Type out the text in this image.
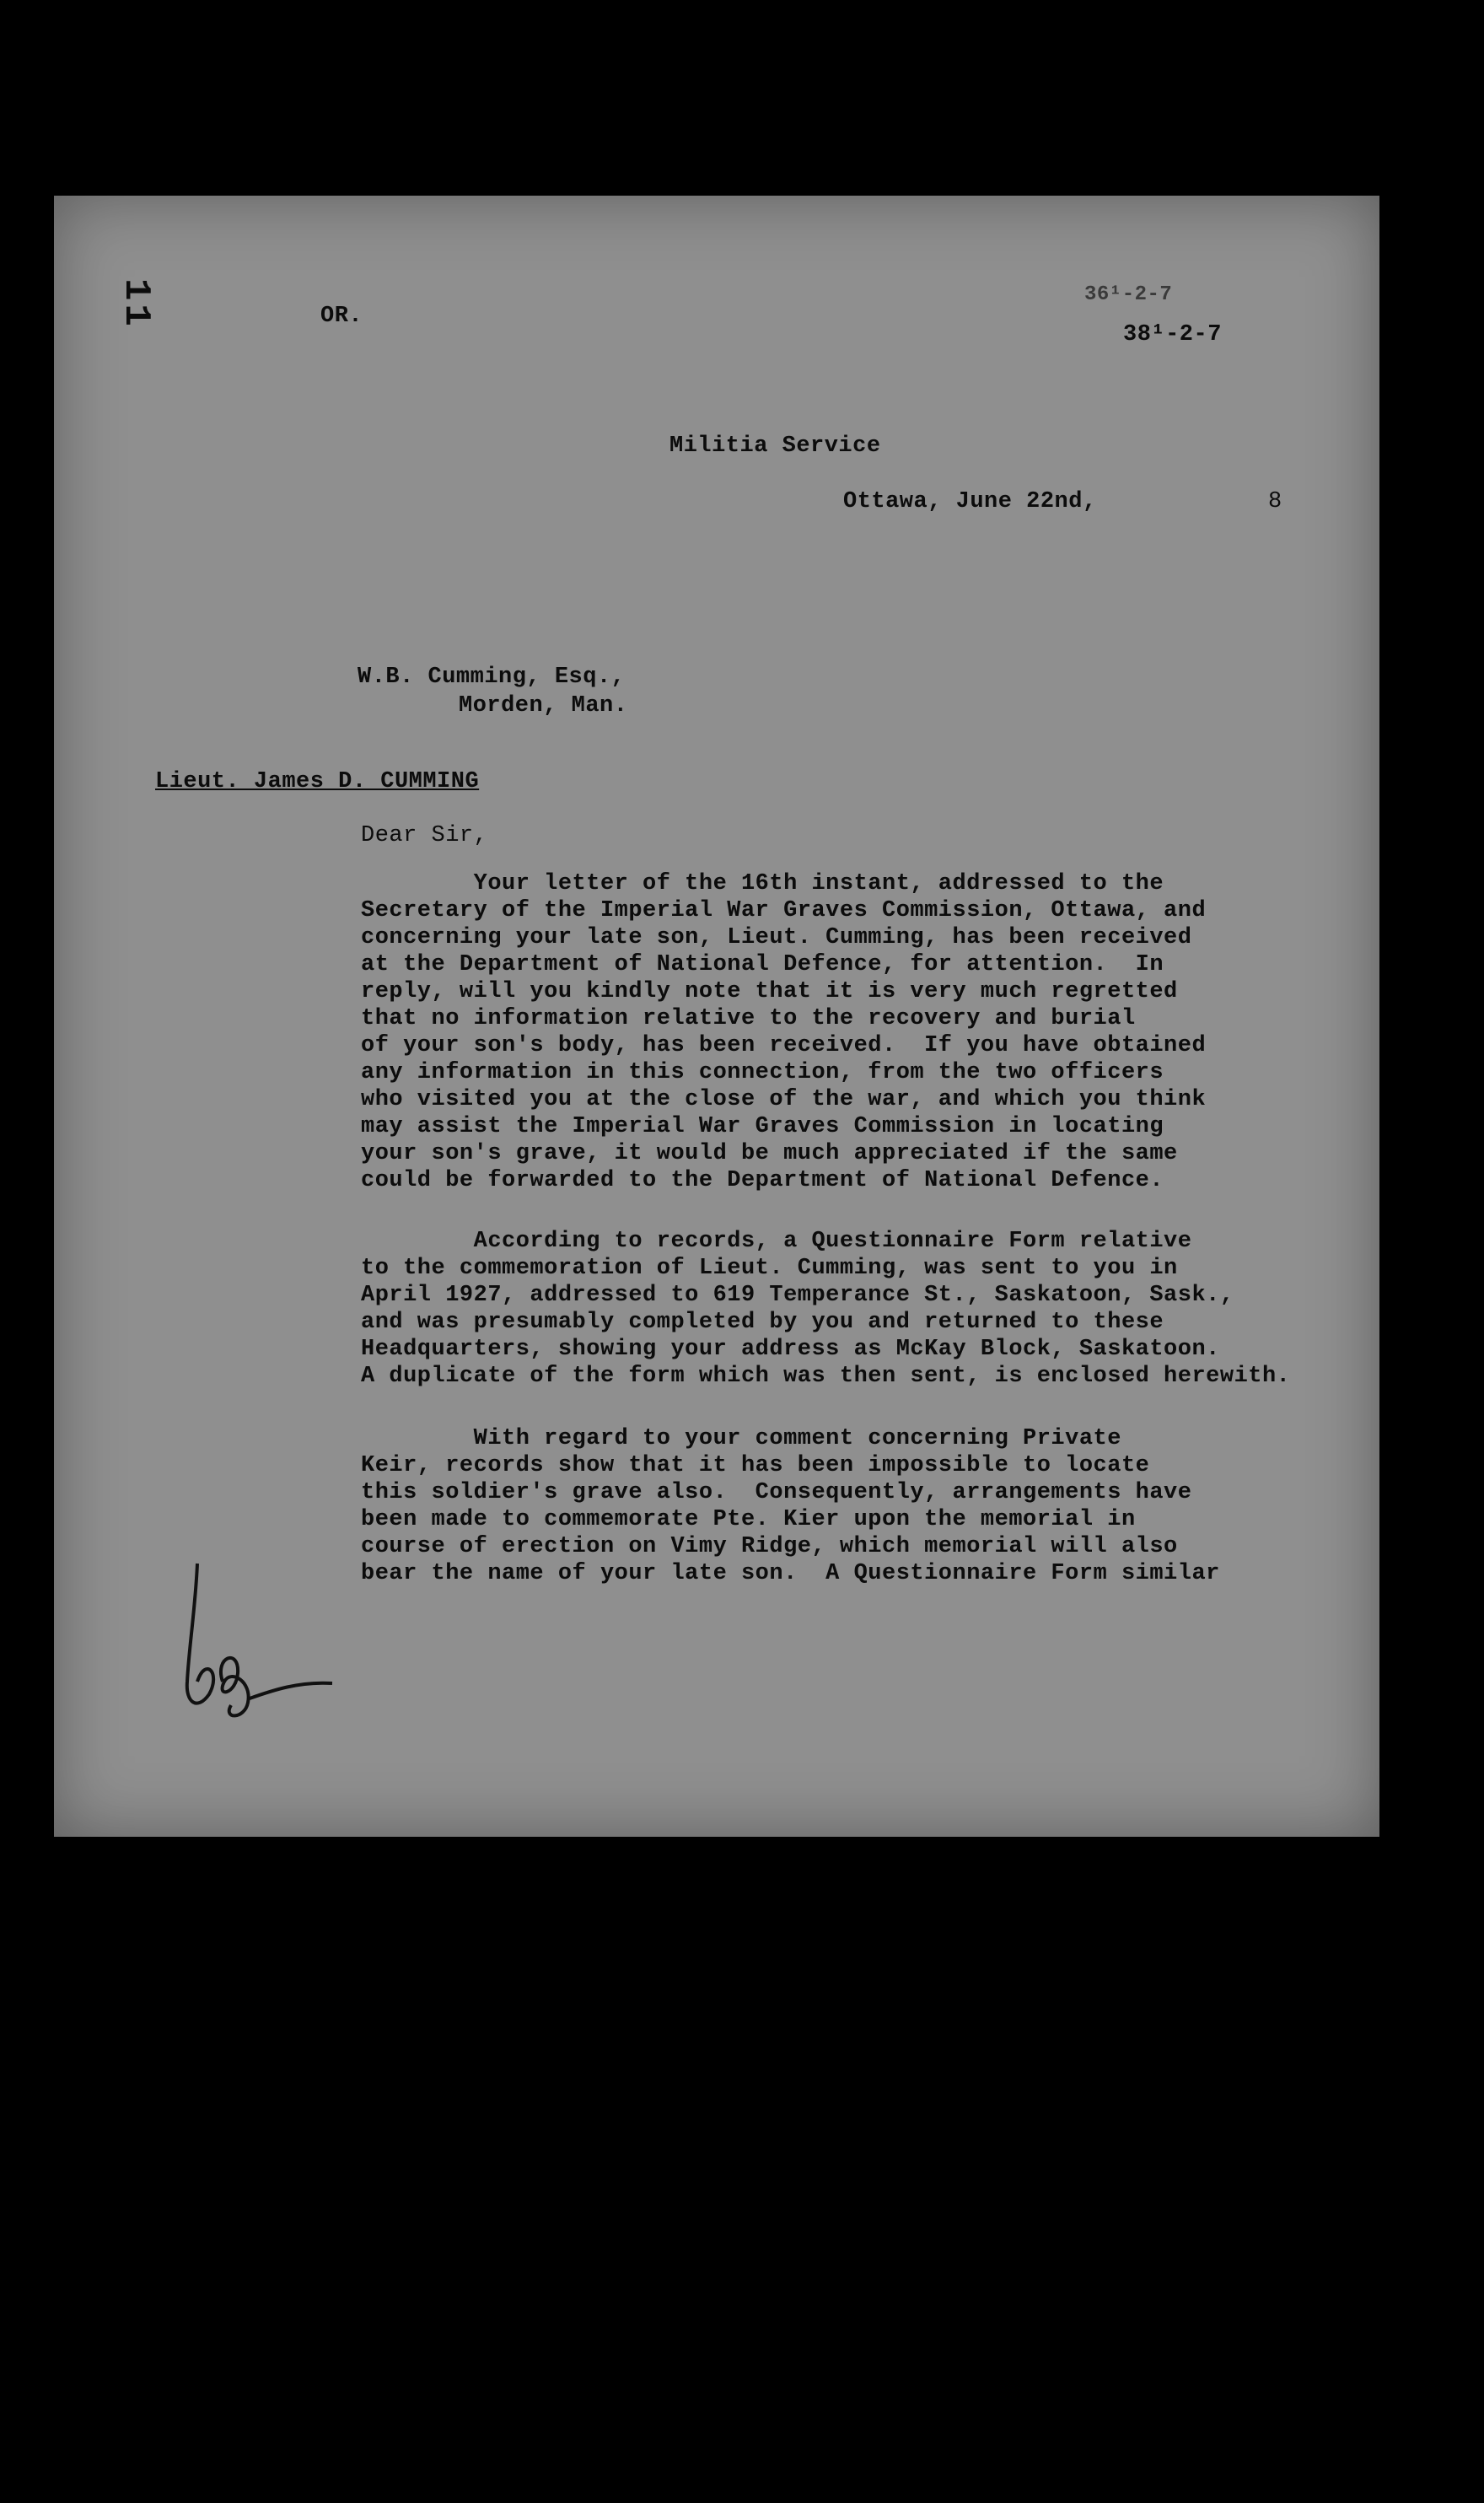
11	OR.
36¹-2-7
38¹-2-7
Militia Service
Ottawa, June 22nd,	8
W.B. Cumming, Esq.,
Morden, Man.
Lieut. James D. CUMMING
Dear Sir,
Your letter of the 16th instant, addressed to the
Secretary of the Imperial War Graves Commission, Ottawa, and
concerning your late son, Lieut. Cumming, has been received
at the Department of National Defence, for attention.  In
reply, will you kindly note that it is very much regretted
that no information relative to the recovery and burial
of your son's body, has been received.  If you have obtained
any information in this connection, from the two officers
who visited you at the close of the war, and which you think
may assist the Imperial War Graves Commission in locating
your son's grave, it would be much appreciated if the same
could be forwarded to the Department of National Defence.
According to records, a Questionnaire Form relative
to the commemoration of Lieut. Cumming, was sent to you in
April 1927, addressed to 619 Temperance St., Saskatoon, Sask.,
and was presumably completed by you and returned to these
Headquarters, showing your address as McKay Block, Saskatoon.
A duplicate of the form which was then sent, is enclosed herewith.
With regard to your comment concerning Private
Keir, records show that it has been impossible to locate
this soldier's grave also.  Consequently, arrangements have
been made to commemorate Pte. Kier upon the memorial in
course of erection on Vimy Ridge, which memorial will also
bear the name of your late son.  A Questionnaire Form similar
